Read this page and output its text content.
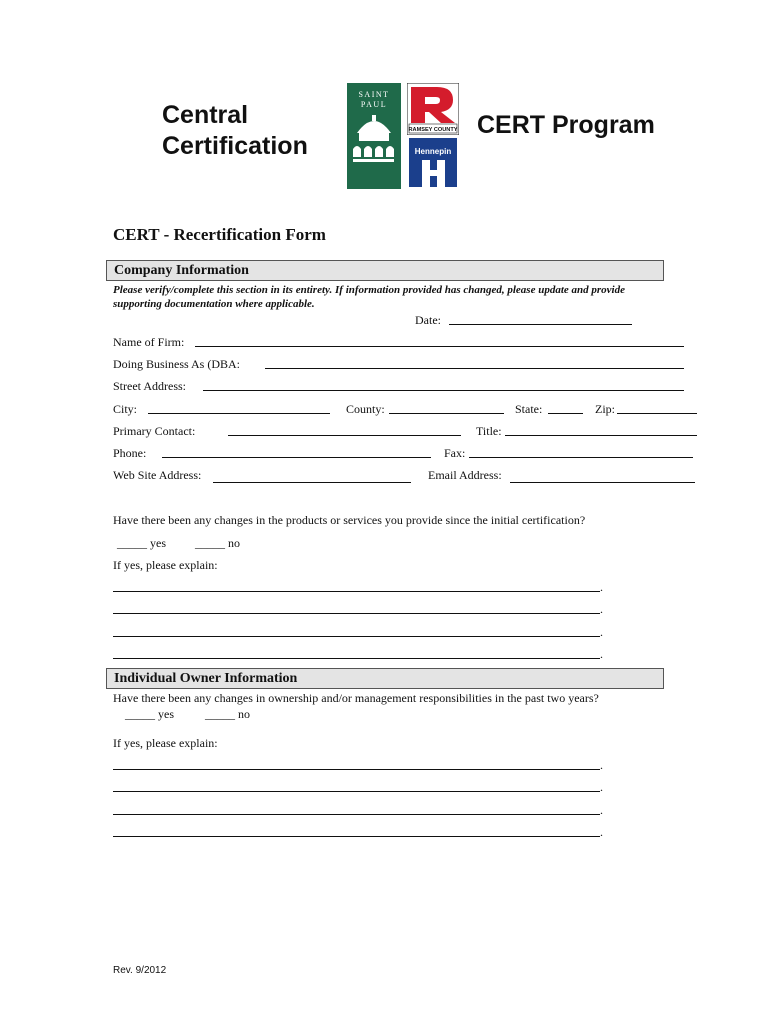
Central
Certification
SAINT
PAUL
RAMSEY COUNTY
Hennepin
CERT Program
CERT - Recertification Form
Company Information
Please verify/complete this section in its entirety. If information provided has changed, please update and provide supporting documentation where applicable.
Date:
Name of Firm:
Doing Business As (DBA:
Street Address:
City:	County:	State:	Zip:
Primary Contact:	Title:
Phone:	Fax:
Web Site Address:	Email Address:
Have there been any changes in the products or services you provide since the initial certification?
_____ yes _____ no
If yes, please explain:
.
.
.
.
Individual Owner Information
Have there been any changes in ownership and/or management responsibilities in the past two years?
_____ yes	_____ no
If yes, please explain:
.
.
.
.
Rev. 9/2012
